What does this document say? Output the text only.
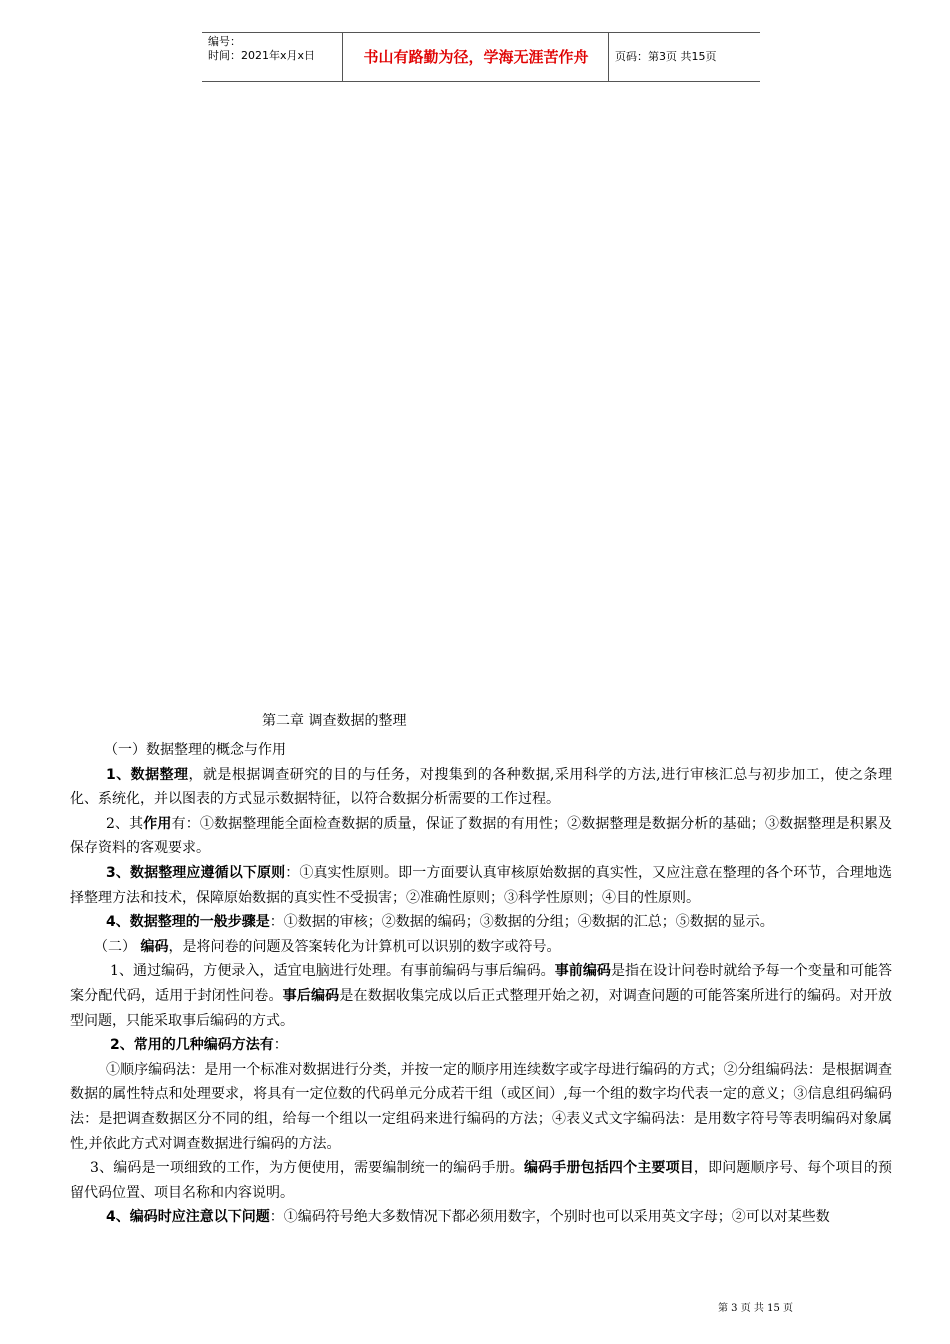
编号：
时间：2021年x月x日	书山有路勤为径，学海无涯苦作舟	页码：第3页 共15页
第二章 调查数据的整理

（一）数据整理的概念与作用

1、数据整理，就是根据调查研究的目的与任务，对搜集到的各种数据,采用科学的方法,进行审核汇总与初步加工，使之条理化、系统化，并以图表的方式显示数据特征，以符合数据分析需要的工作过程。

2、其作用有：①数据整理能全面检查数据的质量，保证了数据的有用性；②数据整理是数据分析的基础；③数据整理是积累及保存资料的客观要求。

3、数据整理应遵循以下原则：①真实性原则。即一方面要认真审核原始数据的真实性，又应注意在整理的各个环节，合理地选择整理方法和技术，保障原始数据的真实性不受损害；②准确性原则；③科学性原则；④目的性原则。

4、数据整理的一般步骤是：①数据的审核；②数据的编码；③数据的分组；④数据的汇总；⑤数据的显示。

（二） 编码，是将问卷的问题及答案转化为计算机可以识别的数字或符号。

1、通过编码，方便录入，适宜电脑进行处理。有事前编码与事后编码。事前编码是指在设计问卷时就给予每一个变量和可能答案分配代码，适用于封闭性问卷。事后编码是在数据收集完成以后正式整理开始之初，对调查问题的可能答案所进行的编码。对开放型问题，只能采取事后编码的方式。

2、常用的几种编码方法有：

①顺序编码法：是用一个标准对数据进行分类，并按一定的顺序用连续数字或字母进行编码的方式；②分组编码法：是根据调查数据的属性特点和处理要求，将具有一定位数的代码单元分成若干组（或区间）,每一个组的数字均代表一定的意义；③信息组码编码法：是把调查数据区分不同的组，给每一个组以一定组码来进行编码的方法；④表义式文字编码法：是用数字符号等表明编码对象属性,并依此方式对调查数据进行编码的方法。

3、编码是一项细致的工作，为方便使用，需要编制统一的编码手册。编码手册包括四个主要项目，即问题顺序号、每个项目的预留代码位置、项目名称和内容说明。

4、编码时应注意以下问题：①编码符号绝大多数情况下都必须用数字，个别时也可以采用英文字母；②可以对某些数

第 3 页 共 15 页
